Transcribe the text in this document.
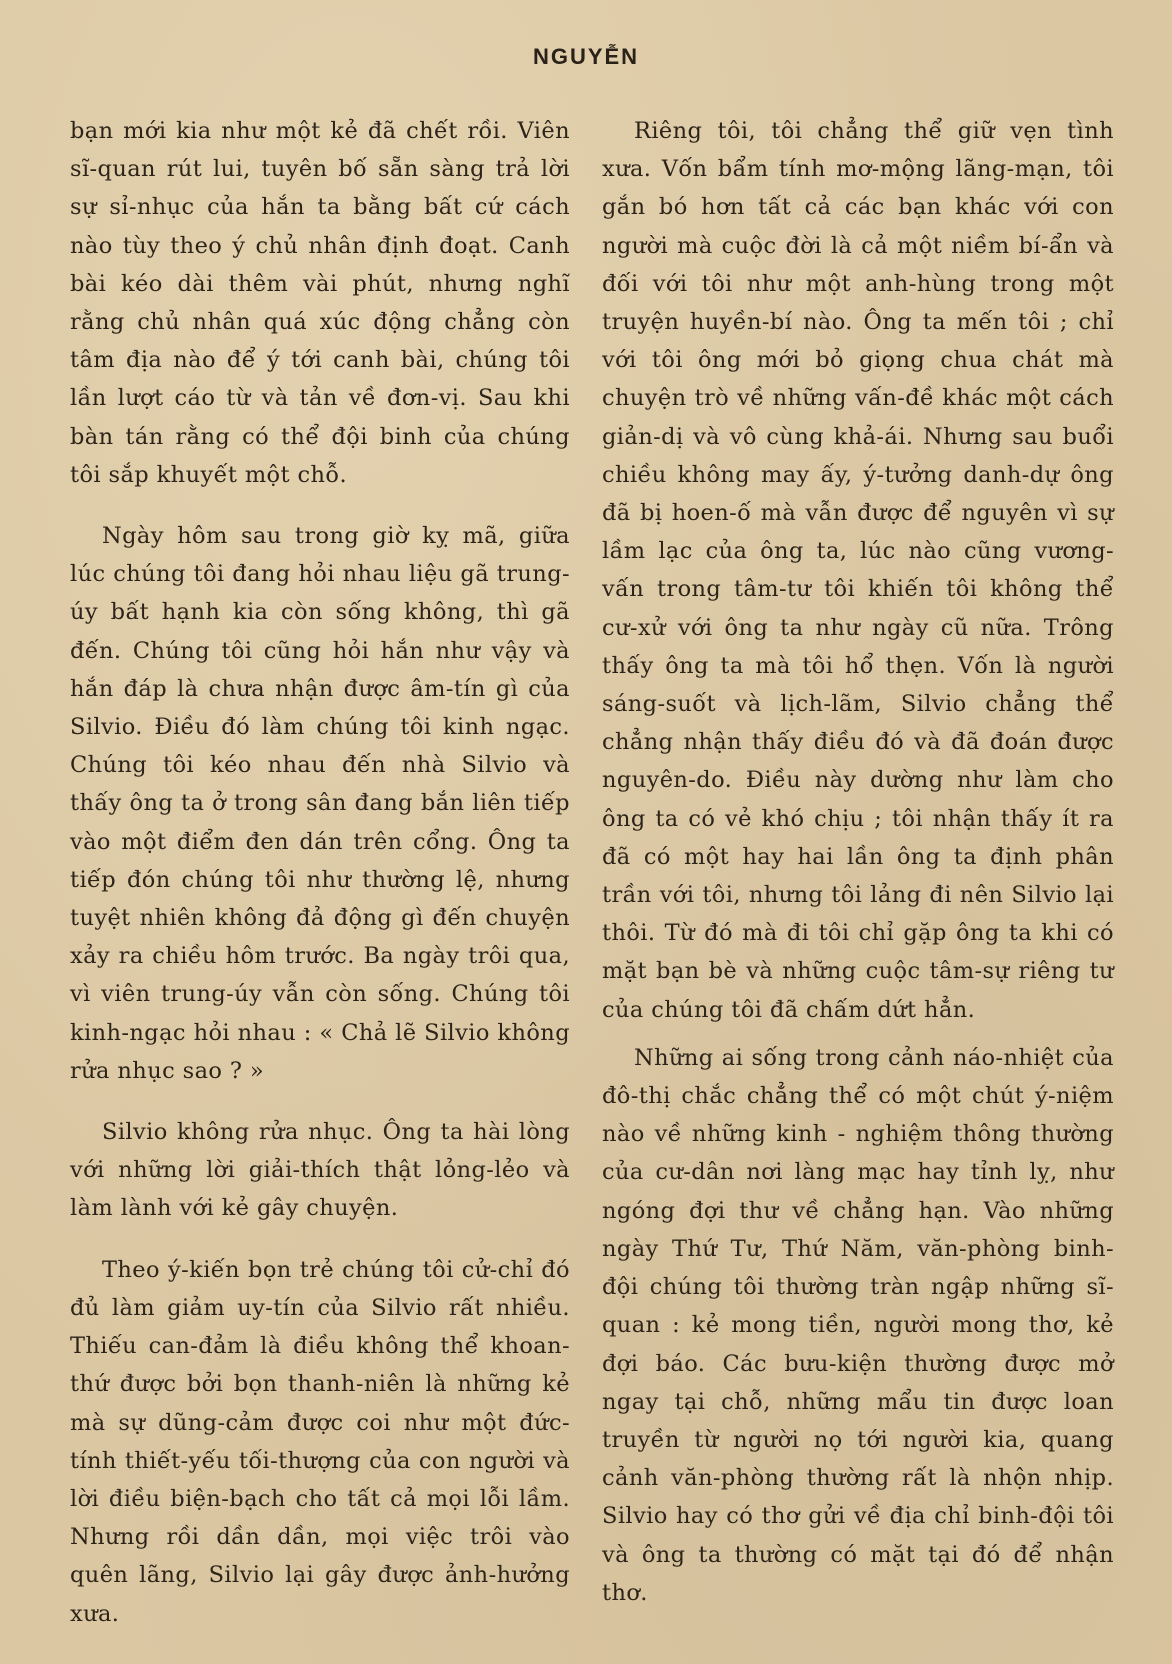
NGUYỄN

bạn mới kia như một kẻ đã chết rồi. Viên sĩ-quan rút lui, tuyên bố sẵn sàng trả lời sự sỉ-nhục của hắn ta bằng bất cứ cách nào tùy theo ý chủ nhân định đoạt. Canh bài kéo dài thêm vài phút, nhưng nghĩ rằng chủ nhân quá xúc động chẳng còn tâm địa nào để ý tới canh bài, chúng tôi lần lượt cáo từ và tản về đơn-vị. Sau khi bàn tán rằng có thể đội binh của chúng tôi sắp khuyết một chỗ.

Ngày hôm sau trong giờ kỵ mã, giữa lúc chúng tôi đang hỏi nhau liệu gã trung-úy bất hạnh kia còn sống không, thì gã đến. Chúng tôi cũng hỏi hắn như vậy và hắn đáp là chưa nhận được âm-tín gì của Silvio. Điều đó làm chúng tôi kinh ngạc. Chúng tôi kéo nhau đến nhà Silvio và thấy ông ta ở trong sân đang bắn liên tiếp vào một điểm đen dán trên cổng. Ông ta tiếp đón chúng tôi như thường lệ, nhưng tuyệt nhiên không đả động gì đến chuyện xảy ra chiều hôm trước. Ba ngày trôi qua, vì viên trung-úy vẫn còn sống. Chúng tôi kinh-ngạc hỏi nhau : « Chả lẽ Silvio không rửa nhục sao ? »

Silvio không rửa nhục. Ông ta hài lòng với những lời giải-thích thật lỏng-lẻo và làm lành với kẻ gây chuyện.

Theo ý-kiến bọn trẻ chúng tôi cử-chỉ đó đủ làm giảm uy-tín của Silvio rất nhiều. Thiếu can-đảm là điều không thể khoan-thứ được bởi bọn thanh-niên là những kẻ mà sự dũng-cảm được coi như một đức-tính thiết-yếu tối-thượng của con người và lời điều biện-bạch cho tất cả mọi lỗi lầm. Nhưng rồi dần dần, mọi việc trôi vào quên lãng, Silvio lại gây được ảnh-hưởng xưa.

Riêng tôi, tôi chẳng thể giữ vẹn tình xưa. Vốn bẩm tính mơ-mộng lãng-mạn, tôi gắn bó hơn tất cả các bạn khác với con người mà cuộc đời là cả một niềm bí-ẩn và đối với tôi như một anh-hùng trong một truyện huyền-bí nào. Ông ta mến tôi ; chỉ với tôi ông mới bỏ giọng chua chát mà chuyện trò về những vấn-đề khác một cách giản-dị và vô cùng khả-ái. Nhưng sau buổi chiều không may ấy, ý-tưởng danh-dự ông đã bị hoen-ố mà vẫn được để nguyên vì sự lầm lạc của ông ta, lúc nào cũng vương-vấn trong tâm-tư tôi khiến tôi không thể cư-xử với ông ta như ngày cũ nữa. Trông thấy ông ta mà tôi hổ thẹn. Vốn là người sáng-suốt và lịch-lãm, Silvio chẳng thể chẳng nhận thấy điều đó và đã đoán được nguyên-do. Điều này dường như làm cho ông ta có vẻ khó chịu ; tôi nhận thấy ít ra đã có một hay hai lần ông ta định phân trần với tôi, nhưng tôi lảng đi nên Silvio lại thôi. Từ đó mà đi tôi chỉ gặp ông ta khi có mặt bạn bè và những cuộc tâm-sự riêng tư của chúng tôi đã chấm dứt hẳn.

Những ai sống trong cảnh náo-nhiệt của đô-thị chắc chẳng thể có một chút ý-niệm nào về những kinh - nghiệm thông thường của cư-dân nơi làng mạc hay tỉnh lỵ, như ngóng đợi thư về chẳng hạn. Vào những ngày Thứ Tư, Thứ Năm, văn-phòng binh-đội chúng tôi thường tràn ngập những sĩ-quan : kẻ mong tiền, người mong thơ, kẻ đợi báo. Các bưu-kiện thường được mở ngay tại chỗ, những mẩu tin được loan truyền từ người nọ tới người kia, quang cảnh văn-phòng thường rất là nhộn nhịp. Silvio hay có thơ gửi về địa chỉ binh-đội tôi và ông ta thường có mặt tại đó để nhận thơ.
